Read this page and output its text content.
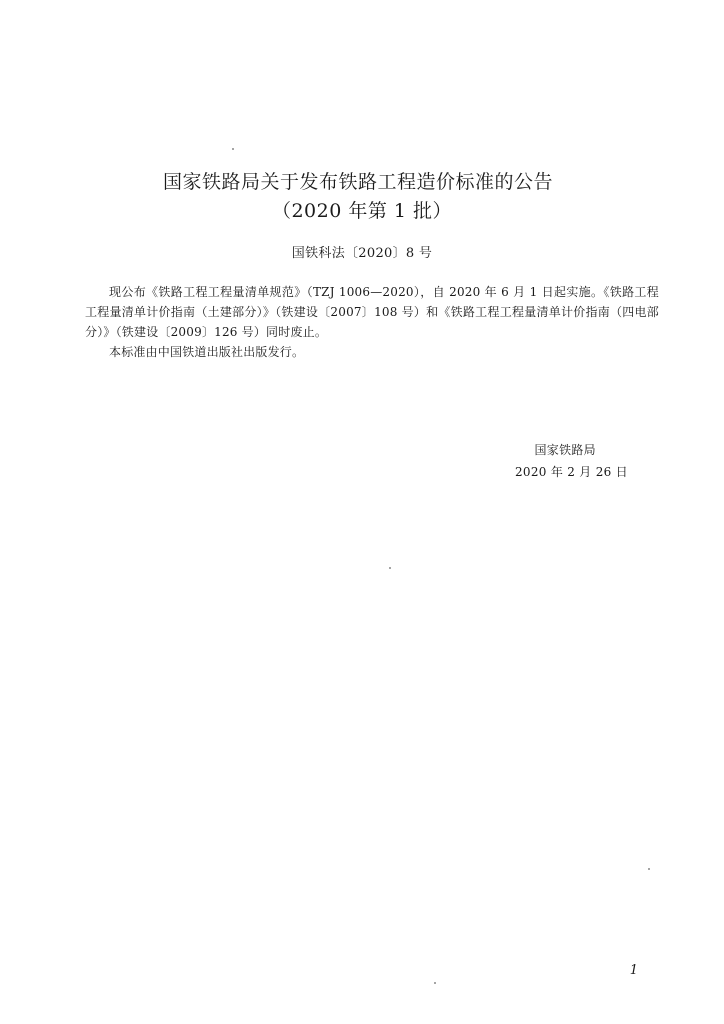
国家铁路局关于发布铁路工程造价标准的公告
（2020 年第 1 批）
国铁科法〔2020〕8 号

现公布《铁路工程工程量清单规范》（TZJ 1006—2020），自 2020 年 6 月 1 日起实施。《铁路工程工程量清单计价指南（土建部分）》（铁建设〔2007〕108 号）和《铁路工程工程量清单计价指南（四电部分）》（铁建设〔2009〕126 号）同时废止。

本标准由中国铁道出版社出版发行。

国家铁路局
2020 年 2 月 26 日
1
